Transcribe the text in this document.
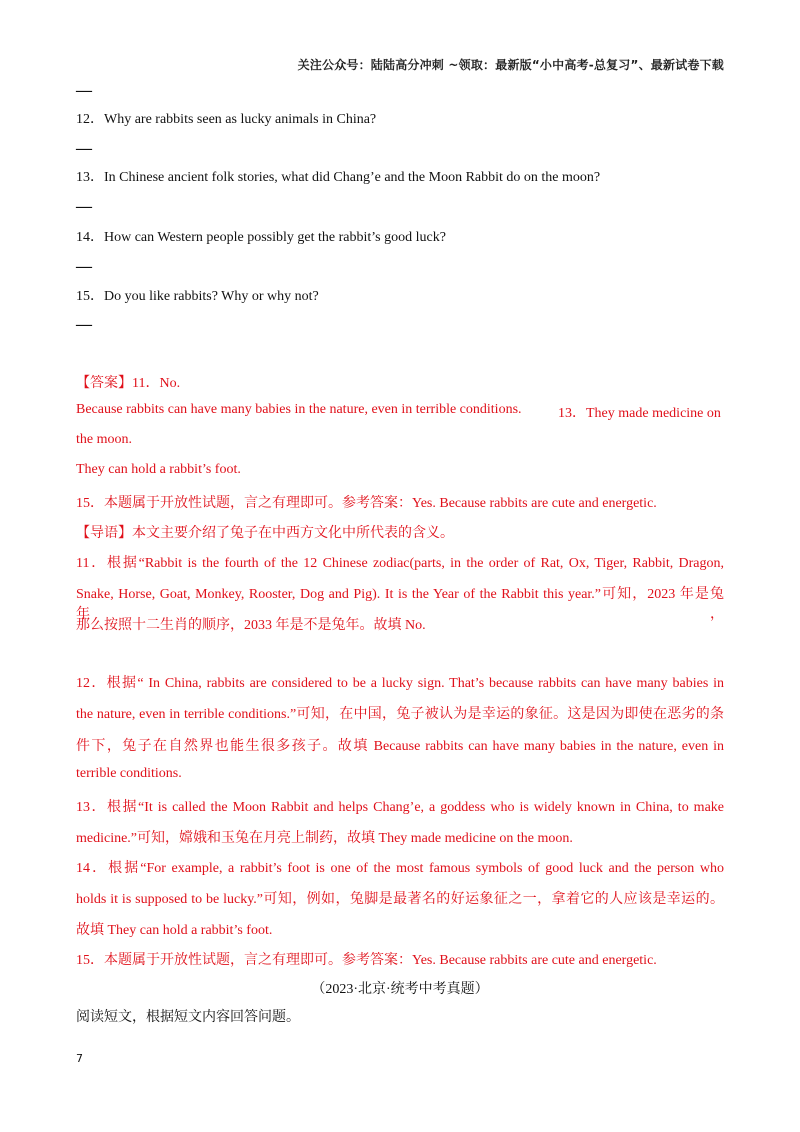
关注公众号：陆陆高分冲刺 ~领取：最新版“小中高考-总复习”、最新试卷下载
—
12．Why are rabbits seen as lucky animals in China?
—
13．In Chinese ancient folk stories, what did Chang’e and the Moon Rabbit do on the moon?
—
14．How can Western people possibly get the rabbit’s good luck?
—
15．Do you like rabbits? Why or why not?
—
【答案】11．No.
Because rabbits can have many babies in the nature, even in terrible conditions.	13．They made medicine on
the moon.
They can hold a rabbit’s foot.
15．本题属于开放性试题，言之有理即可。参考答案：Yes. Because rabbits are cute and energetic.
【导语】本文主要介绍了兔子在中西方文化中所代表的含义。
11．根据“Rabbit is the fourth of the 12 Chinese zodiac(parts, in the order of Rat, Ox, Tiger, Rabbit, Dragon,
Snake, Horse, Goat, Monkey, Rooster, Dog and Pig). It is the Year of the Rabbit this year.”可知，2023 年是兔年，
那么按照十二生肖的顺序，2033 年是不是兔年。故填 No.
12．根据“ In China, rabbits are considered to be a lucky sign. That’s because rabbits can have many babies in
the nature, even in terrible conditions.”可知，在中国，兔子被认为是幸运的象征。这是因为即使在恶劣的条
件下，兔子在自然界也能生很多孩子。故填 Because rabbits can have many babies in the nature, even in
terrible conditions.
13．根据“It is called the Moon Rabbit and helps Chang’e, a goddess who is widely known in China, to make
medicine.”可知，嫦娥和玉兔在月亮上制药，故填 They made medicine on the moon.
14．根据“For example, a rabbit’s foot is one of the most famous symbols of good luck and the person who
holds it is supposed to be lucky.”可知，例如，兔脚是最著名的好运象征之一，拿着它的人应该是幸运的。
故填 They can hold a rabbit’s foot.
15．本题属于开放性试题，言之有理即可。参考答案：Yes. Because rabbits are cute and energetic.
（2023·北京·统考中考真题）
阅读短文，根据短文内容回答问题。
7
